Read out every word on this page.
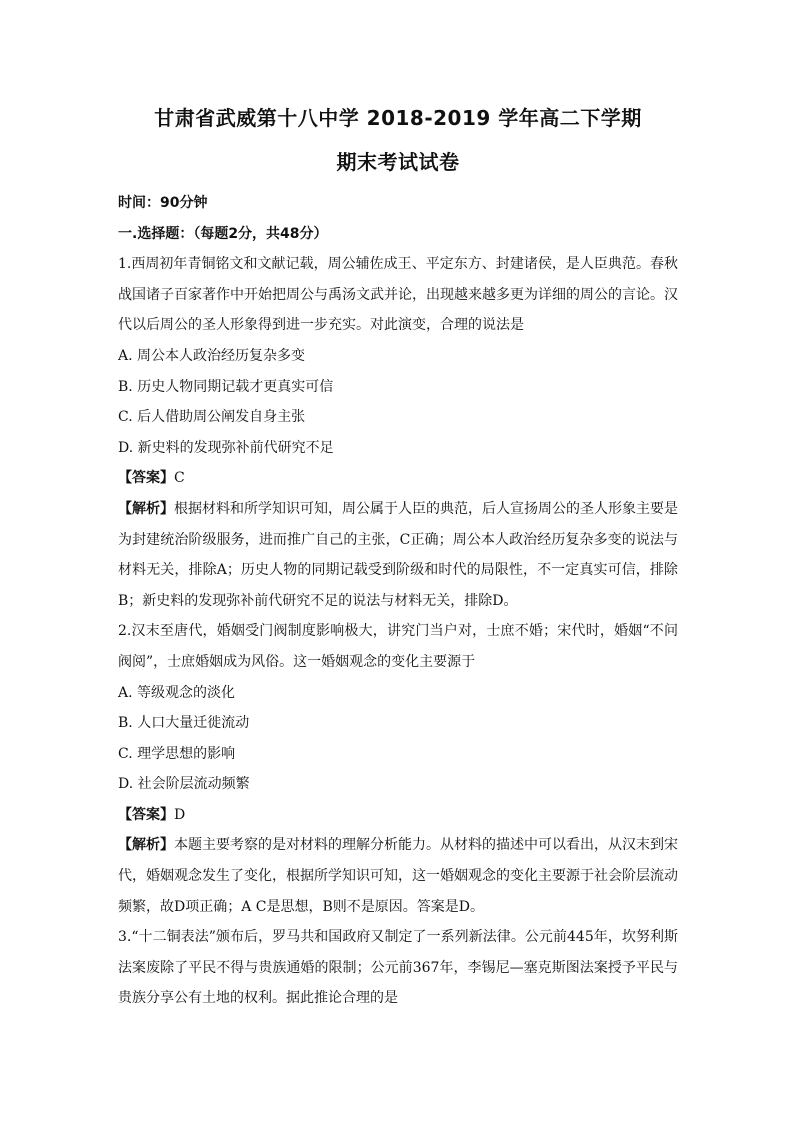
甘肃省武威第十八中学 2018-2019 学年高二下学期

期末考试试卷

时间：90分钟

一.选择题：（每题2分，共48分）

1.西周初年青铜铭文和文献记载，周公辅佐成王、平定东方、封建诸侯，是人臣典范。春秋战国诸子百家著作中开始把周公与禹汤文武并论，出现越来越多更为详细的周公的言论。汉代以后周公的圣人形象得到进一步充实。对此演变，合理的说法是

A. 周公本人政治经历复杂多变

B. 历史人物同期记载才更真实可信

C. 后人借助周公阐发自身主张

D. 新史料的发现弥补前代研究不足

【答案】C

【解析】根据材料和所学知识可知，周公属于人臣的典范，后人宣扬周公的圣人形象主要是为封建统治阶级服务，进而推广自己的主张，C正确；周公本人政治经历复杂多变的说法与材料无关，排除A；历史人物的同期记载受到阶级和时代的局限性，不一定真实可信，排除B；新史料的发现弥补前代研究不足的说法与材料无关，排除D。

2.汉末至唐代，婚姻受门阀制度影响极大，讲究门当户对，士庶不婚；宋代时，婚姻“不问阀阅”，士庶婚姻成为风俗。这一婚姻观念的变化主要源于

A. 等级观念的淡化

B. 人口大量迁徙流动

C. 理学思想的影响

D. 社会阶层流动频繁

【答案】D

【解析】本题主要考察的是对材料的理解分析能力。从材料的描述中可以看出，从汉末到宋代，婚姻观念发生了变化，根据所学知识可知，这一婚姻观念的变化主要源于社会阶层流动频繁，故D项正确；A C是思想，B则不是原因。答案是D。

3.“十二铜表法”颁布后，罗马共和国政府又制定了一系列新法律。公元前445年，坎努利斯法案废除了平民不得与贵族通婚的限制；公元前367年，李锡尼—塞克斯图法案授予平民与贵族分享公有土地的权利。据此推论合理的是
